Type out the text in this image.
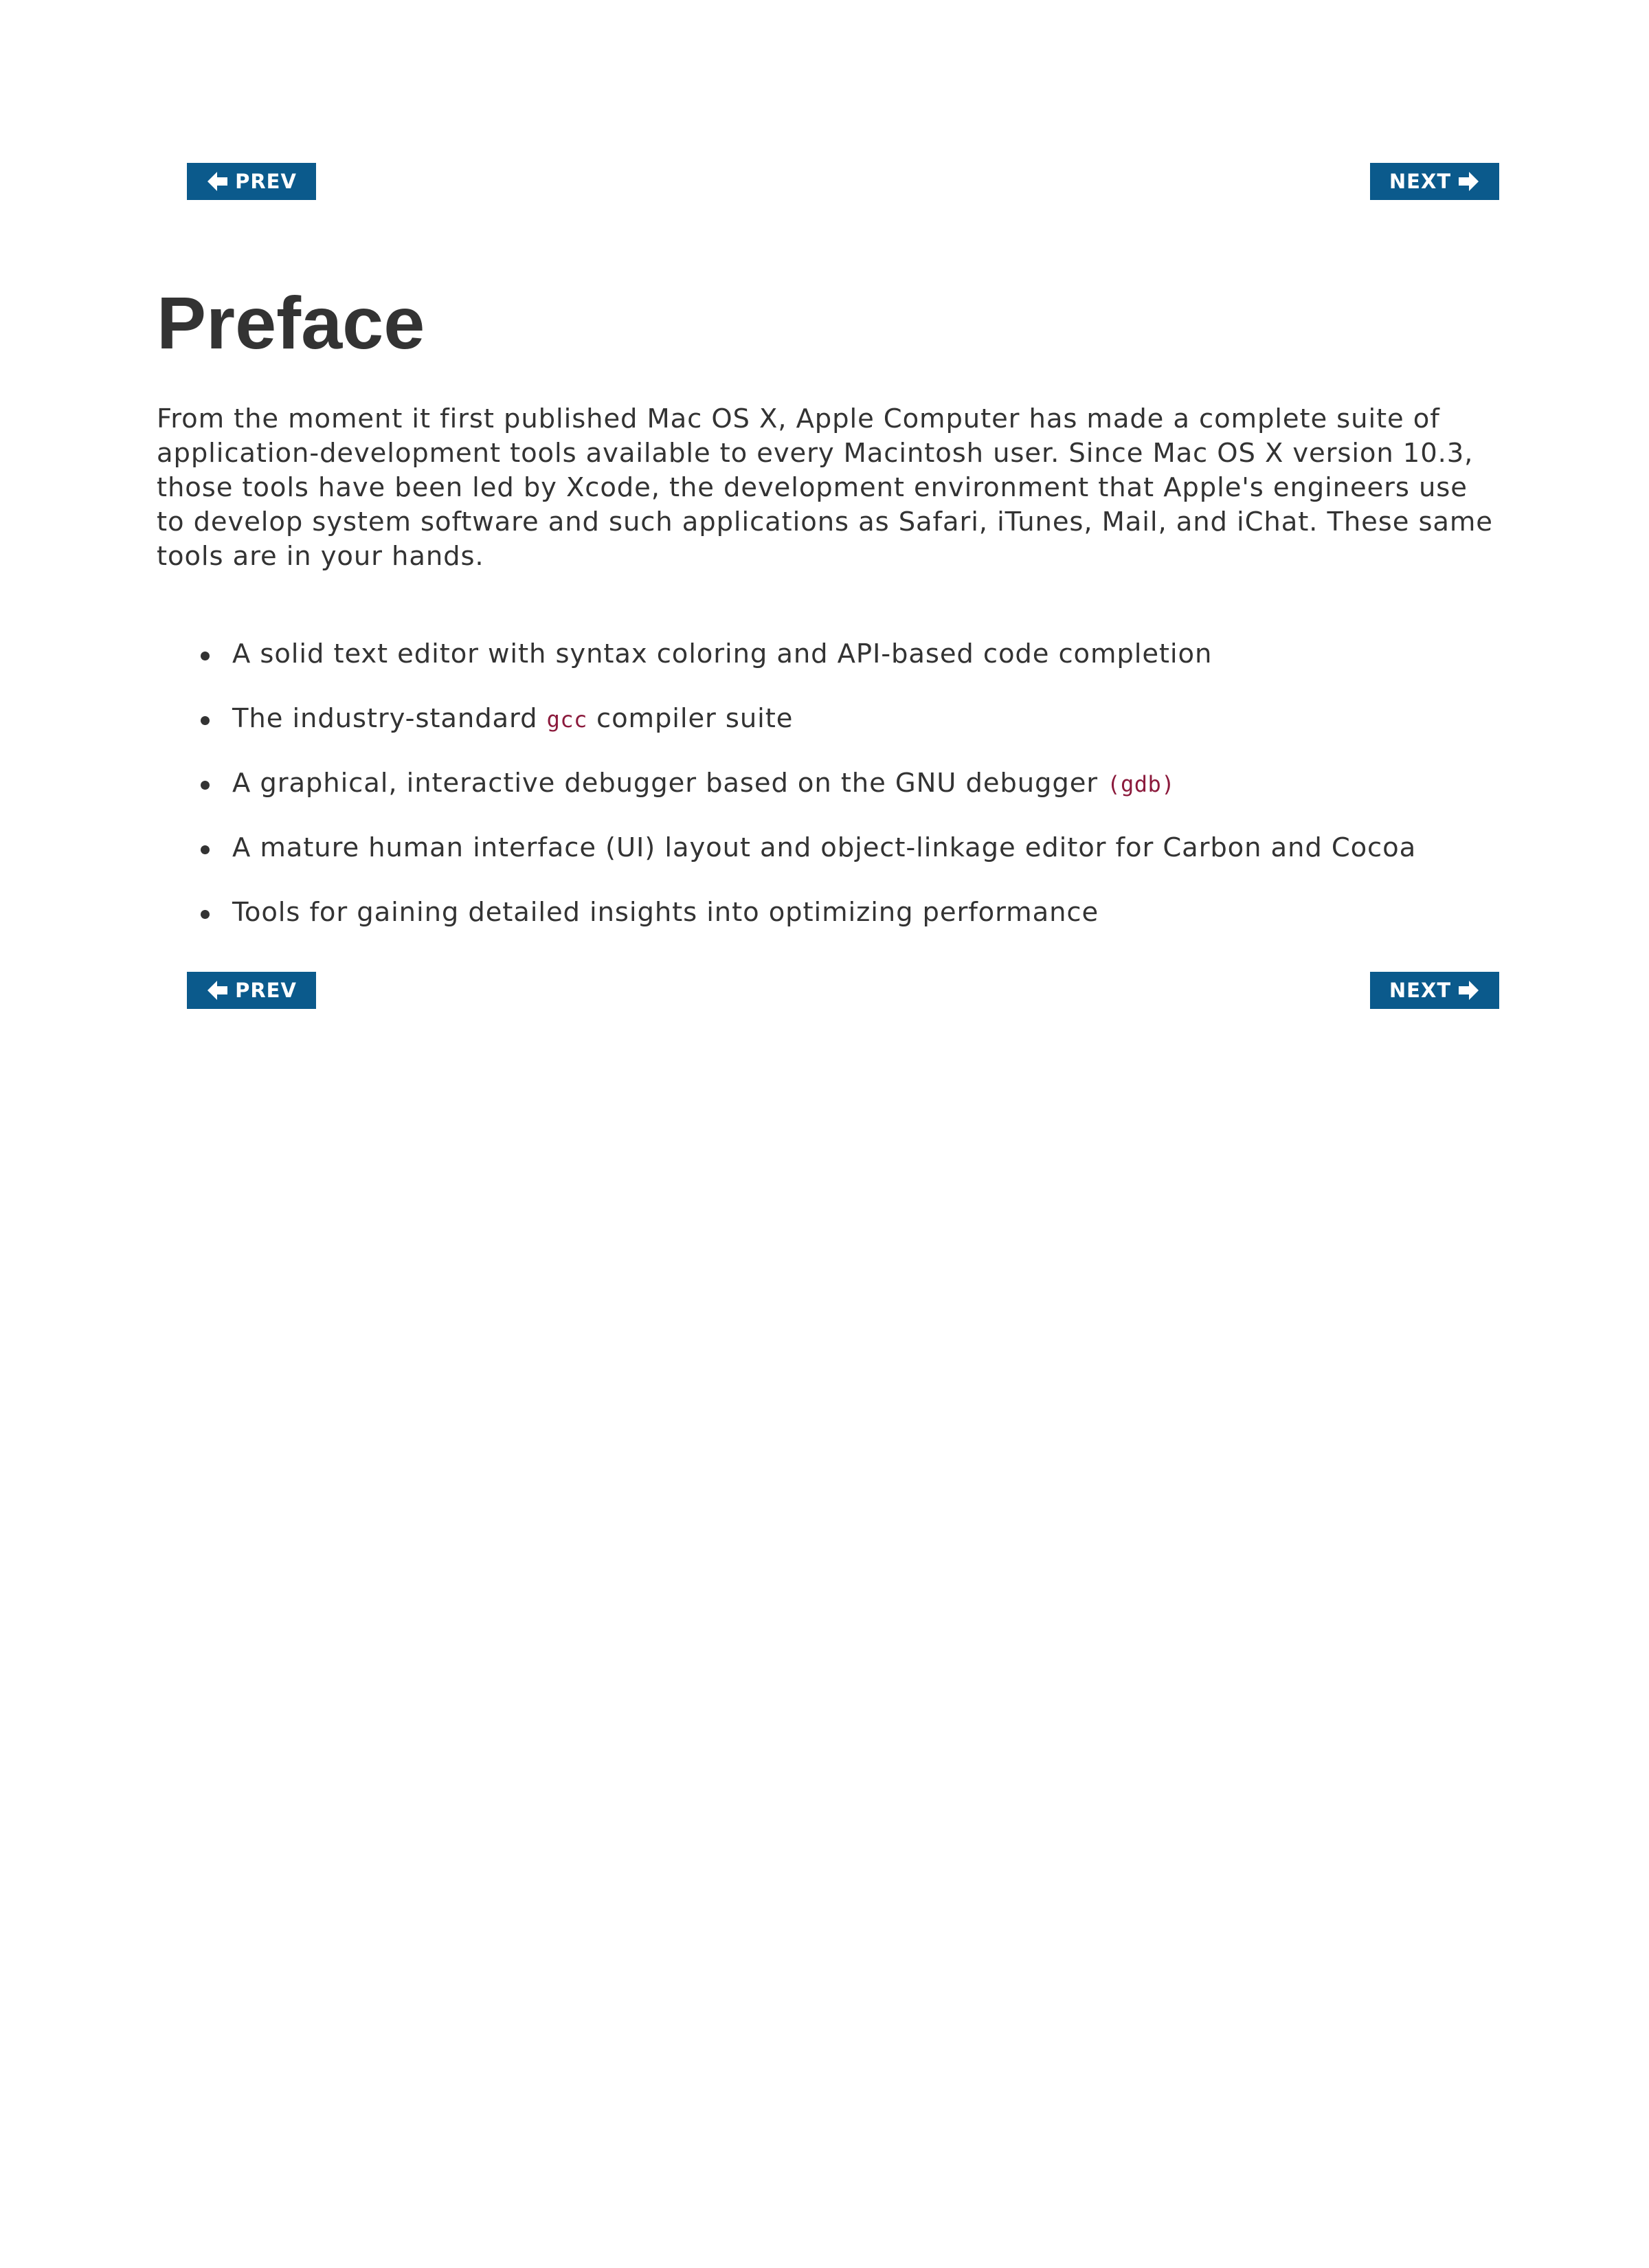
PREV	NEXT
Preface

From the moment it first published Mac OS X, Apple Computer has made a complete suite of application-development tools available to every Macintosh user. Since Mac OS X version 10.3, those tools have been led by Xcode, the development environment that Apple's engineers use to develop system software and such applications as Safari, iTunes, Mail, and iChat. These same tools are in your hands.

A solid text editor with syntax coloring and API-based code completion
The industry-standard gcc compiler suite
A graphical, interactive debugger based on the GNU debugger (gdb)
A mature human interface (UI) layout and object-linkage editor for Carbon and Cocoa
Tools for gaining detailed insights into optimizing performance
PREV	NEXT
